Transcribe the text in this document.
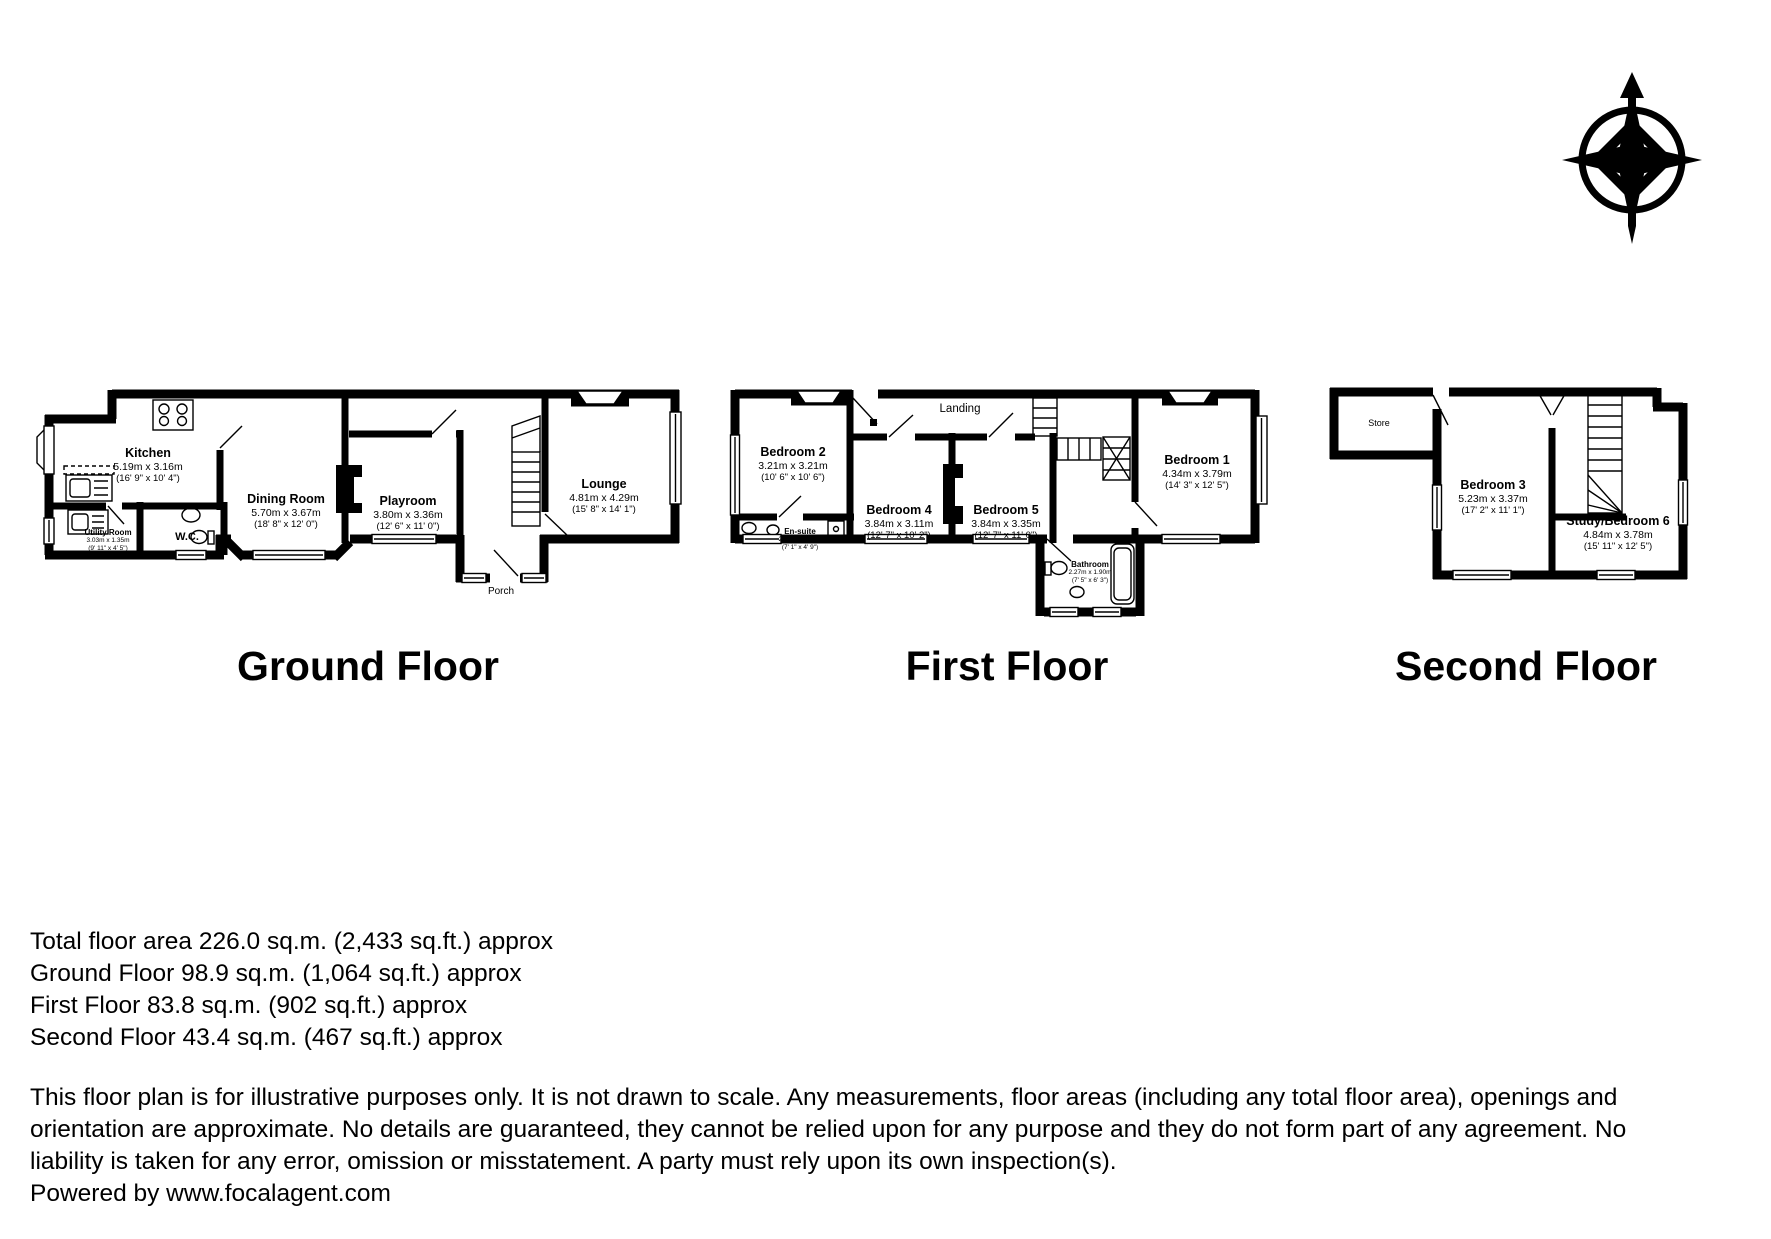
Kitchen
5.19m x 3.16m
(16' 9" x 10' 4")
Utility Room
3.03m x 1.35m
(9' 11" x 4' 5")
W.C.
Dining Room
5.70m x 3.67m
(18' 8" x 12' 0")
Playroom
3.80m x 3.36m
(12' 6" x 11' 0")
Lounge
4.81m x 4.29m
(15' 8" x 14' 1")
Porch
Bedroom 2
3.21m x 3.21m
(10' 6" x 10' 6")
Landing
En-suite
2.16m x 1.45m
(7' 1" x 4' 9")
Bedroom 4
3.84m x 3.11m
(12' 7" x 10' 2")
Bedroom 5
3.84m x 3.35m
(12' 7" x 11' 0")
Bathroom
2.27m x 1.90m
(7' 5" x 6' 3")
Bedroom 1
4.34m x 3.79m
(14' 3" x 12' 5")
Store
Bedroom 3
5.23m x 3.37m
(17' 2" x 11' 1")
Study/Bedroom 6
4.84m x 3.78m
(15' 11" x 12' 5")
Ground Floor	First Floor	Second Floor
Total floor area 226.0 sq.m. (2,433 sq.ft.) approx
Ground Floor 98.9 sq.m. (1,064 sq.ft.) approx
First Floor 83.8 sq.m. (902 sq.ft.) approx
Second Floor 43.4 sq.m. (467 sq.ft.) approx
This floor plan is for illustrative purposes only. It is not drawn to scale. Any measurements, floor areas (including any total floor area), openings and orientation are approximate. No details are guaranteed, they cannot be relied upon for any purpose and they do not form part of any agreement. No liability is taken for any error, omission or misstatement. A party must rely upon its own inspection(s).
Powered by www.focalagent.com
